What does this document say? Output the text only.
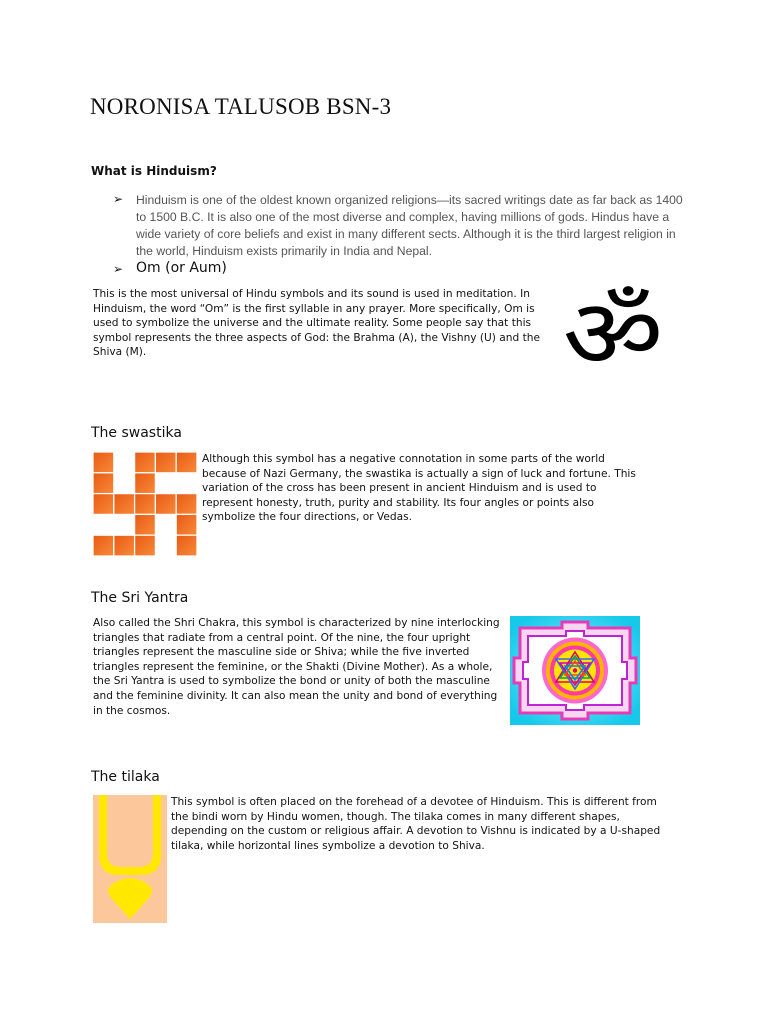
NORONISA TALUSOB BSN-3
What is Hinduism?
➢ Hinduism is one of the oldest known organized religions—its sacred writings date as far back as 1400 to 1500 B.C. It is also one of the most diverse and complex, having millions of gods. Hindus have a wide variety of core beliefs and exist in many different sects. Although it is the third largest religion in the world, Hinduism exists primarily in India and Nepal.
➢ Om (or Aum)
This is the most universal of Hindu symbols and its sound is used in meditation. In Hinduism, the word “Om” is the first syllable in any prayer. More specifically, Om is used to symbolize the universe and the ultimate reality. Some people say that this symbol represents the three aspects of God: the Brahma (A), the Vishny (U) and the Shiva (M).	ॐ
The swastika
Although this symbol has a negative connotation in some parts of the world because of Nazi Germany, the swastika is actually a sign of luck and fortune. This variation of the cross has been present in ancient Hinduism and is used to represent honesty, truth, purity and stability. Its four angles or points also symbolize the four directions, or Vedas.
The Sri Yantra
Also called the Shri Chakra, this symbol is characterized by nine interlocking triangles that radiate from a central point. Of the nine, the four upright triangles represent the masculine side or Shiva; while the five inverted triangles represent the feminine, or the Shakti (Divine Mother). As a whole, the Sri Yantra is used to symbolize the bond or unity of both the masculine and the feminine divinity. It can also mean the unity and bond of everything in the cosmos.
The tilaka
This symbol is often placed on the forehead of a devotee of Hinduism. This is different from the bindi worn by Hindu women, though. The tilaka comes in many different shapes, depending on the custom or religious affair. A devotion to Vishnu is indicated by a U-shaped tilaka, while horizontal lines symbolize a devotion to Shiva.
